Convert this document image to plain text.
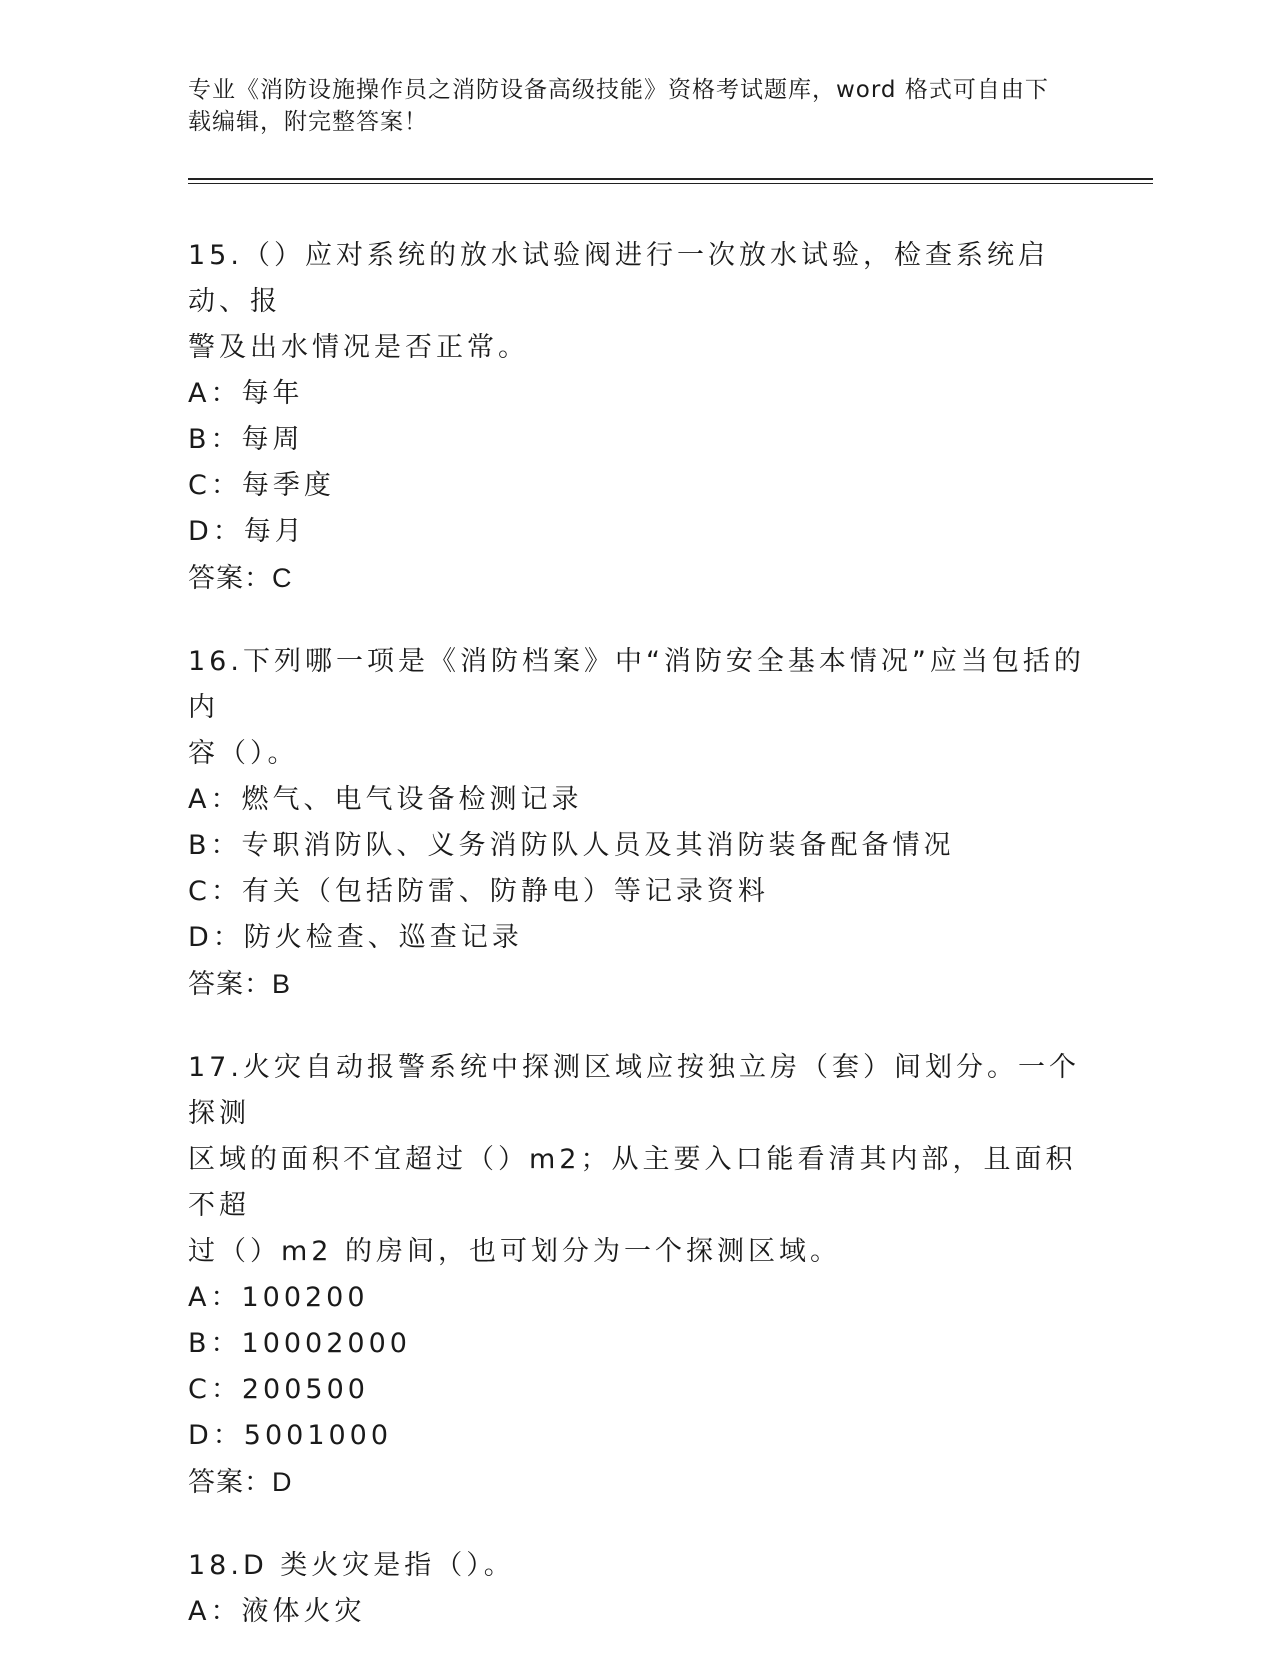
专业《消防设施操作员之消防设备高级技能》资格考试题库，word 格式可自由下
载编辑，附完整答案！

15.（）应对系统的放水试验阀进行一次放水试验，检查系统启动、报

警及出水情况是否正常。

A：每年

B：每周

C：每季度

D：每月

答案：C

16.下列哪一项是《消防档案》中“消防安全基本情况”应当包括的内

容（）。

A：燃气、电气设备检测记录

B：专职消防队、义务消防队人员及其消防装备配备情况

C：有关（包括防雷、防静电）等记录资料

D：防火检查、巡查记录

答案：B

17.火灾自动报警系统中探测区域应按独立房（套）间划分。一个探测

区域的面积不宜超过（）m2；从主要入口能看清其内部，且面积不超

过（）m2 的房间，也可划分为一个探测区域。

A：100200

B：10002000

C：200500

D：5001000

答案：D

18.D 类火灾是指（）。

A：液体火灾
